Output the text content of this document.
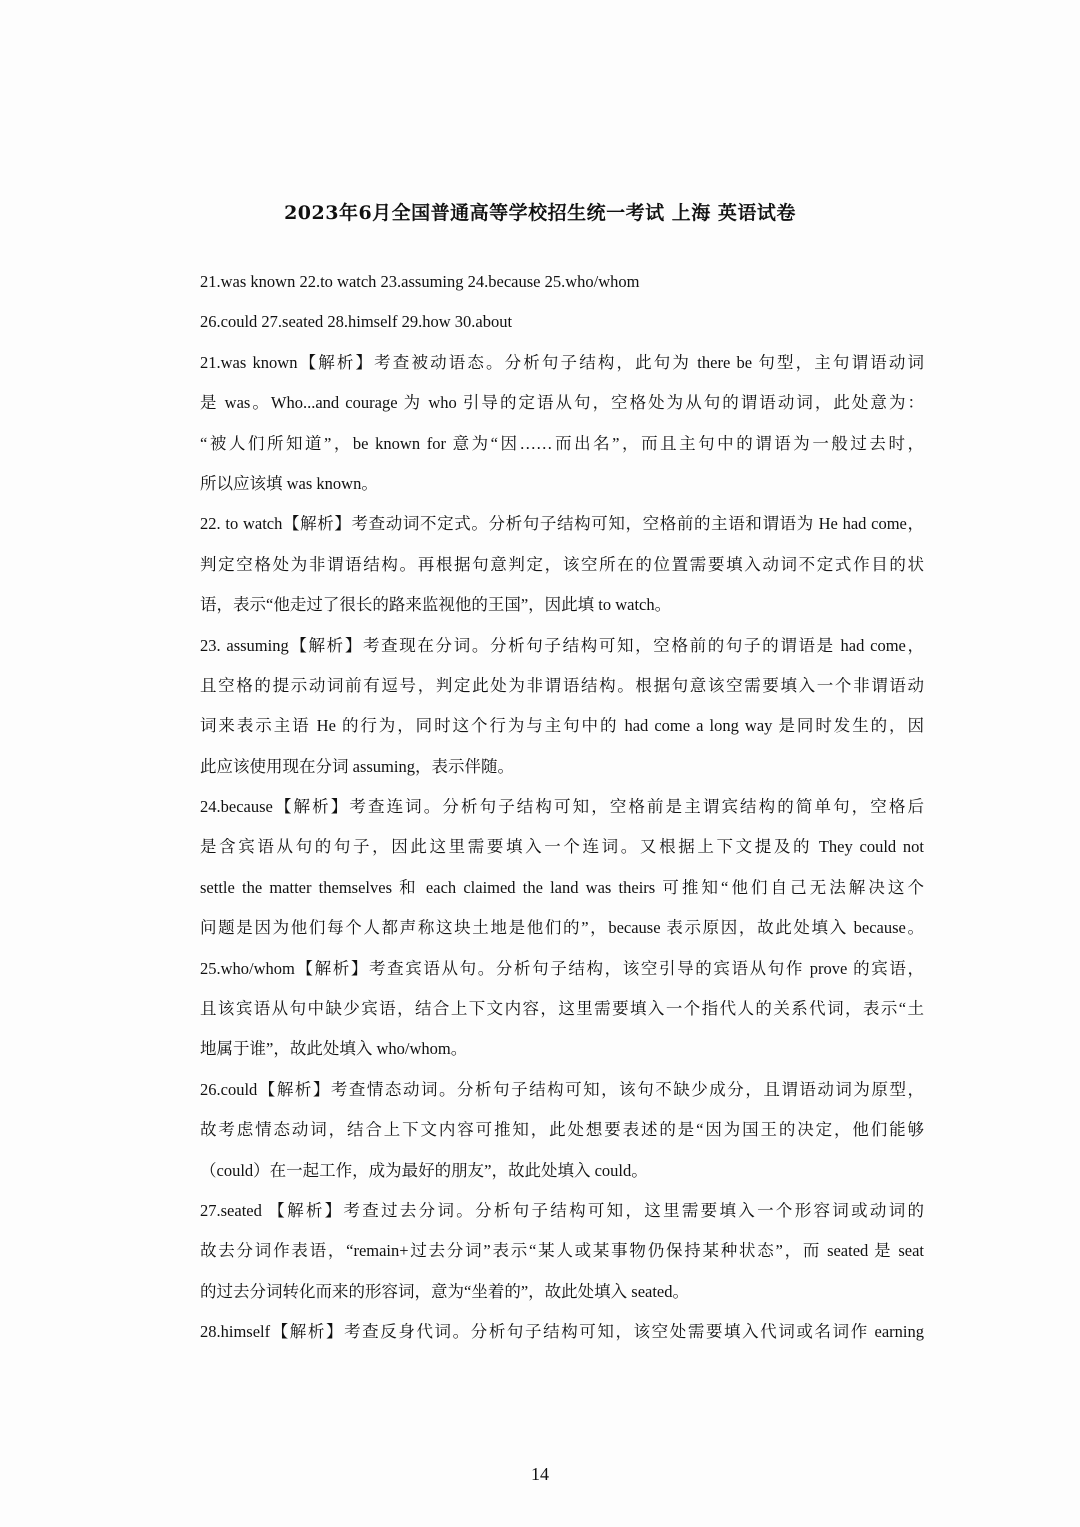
2023年6月全国普通高等学校招生统一考试 上海 英语试卷
21.was known 22.to watch 23.assuming 24.because 25.who/whom
26.could 27.seated 28.himself 29.how 30.about
21.was known【解析】考查被动语态。分析句子结构，此句为 there be 句型，主句谓语动词
是 was。Who...and courage 为 who 引导的定语从句，空格处为从句的谓语动词，此处意为：
“被人们所知道”，be known for 意为“因……而出名”，而且主句中的谓语为一般过去时，
所以应该填 was known。
22. to watch【解析】考查动词不定式。分析句子结构可知，空格前的主语和谓语为 He had come，
判定空格处为非谓语结构。再根据句意判定，该空所在的位置需要填入动词不定式作目的状
语，表示“他走过了很长的路来监视他的王国”，因此填 to watch。
23. assuming【解析】考查现在分词。分析句子结构可知，空格前的句子的谓语是 had come，
且空格的提示动词前有逗号，判定此处为非谓语结构。根据句意该空需要填入一个非谓语动
词来表示主语 He 的行为，同时这个行为与主句中的 had come a long way 是同时发生的，因
此应该使用现在分词 assuming，表示伴随。
24.because【解析】考查连词。分析句子结构可知，空格前是主谓宾结构的简单句，空格后
是含宾语从句的句子，因此这里需要填入一个连词。又根据上下文提及的 They could not
settle the matter themselves 和 each claimed the land was theirs 可推知“他们自己无法解决这个
问题是因为他们每个人都声称这块土地是他们的”，because 表示原因，故此处填入 because。
25.who/whom【解析】考查宾语从句。分析句子结构，该空引导的宾语从句作 prove 的宾语，
且该宾语从句中缺少宾语，结合上下文内容，这里需要填入一个指代人的关系代词，表示“土
地属于谁”，故此处填入 who/whom。
26.could【解析】考查情态动词。分析句子结构可知，该句不缺少成分，且谓语动词为原型，
故考虑情态动词，结合上下文内容可推知，此处想要表述的是“因为国王的决定，他们能够
（could）在一起工作，成为最好的朋友”，故此处填入 could。
27.seated 【解析】考查过去分词。分析句子结构可知，这里需要填入一个形容词或动词的
故去分词作表语，“remain+过去分词”表示“某人或某事物仍保持某种状态”，而 seated 是 seat
的过去分词转化而来的形容词，意为“坐着的”，故此处填入 seated。
28.himself【解析】考查反身代词。分析句子结构可知，该空处需要填入代词或名词作 earning
14
